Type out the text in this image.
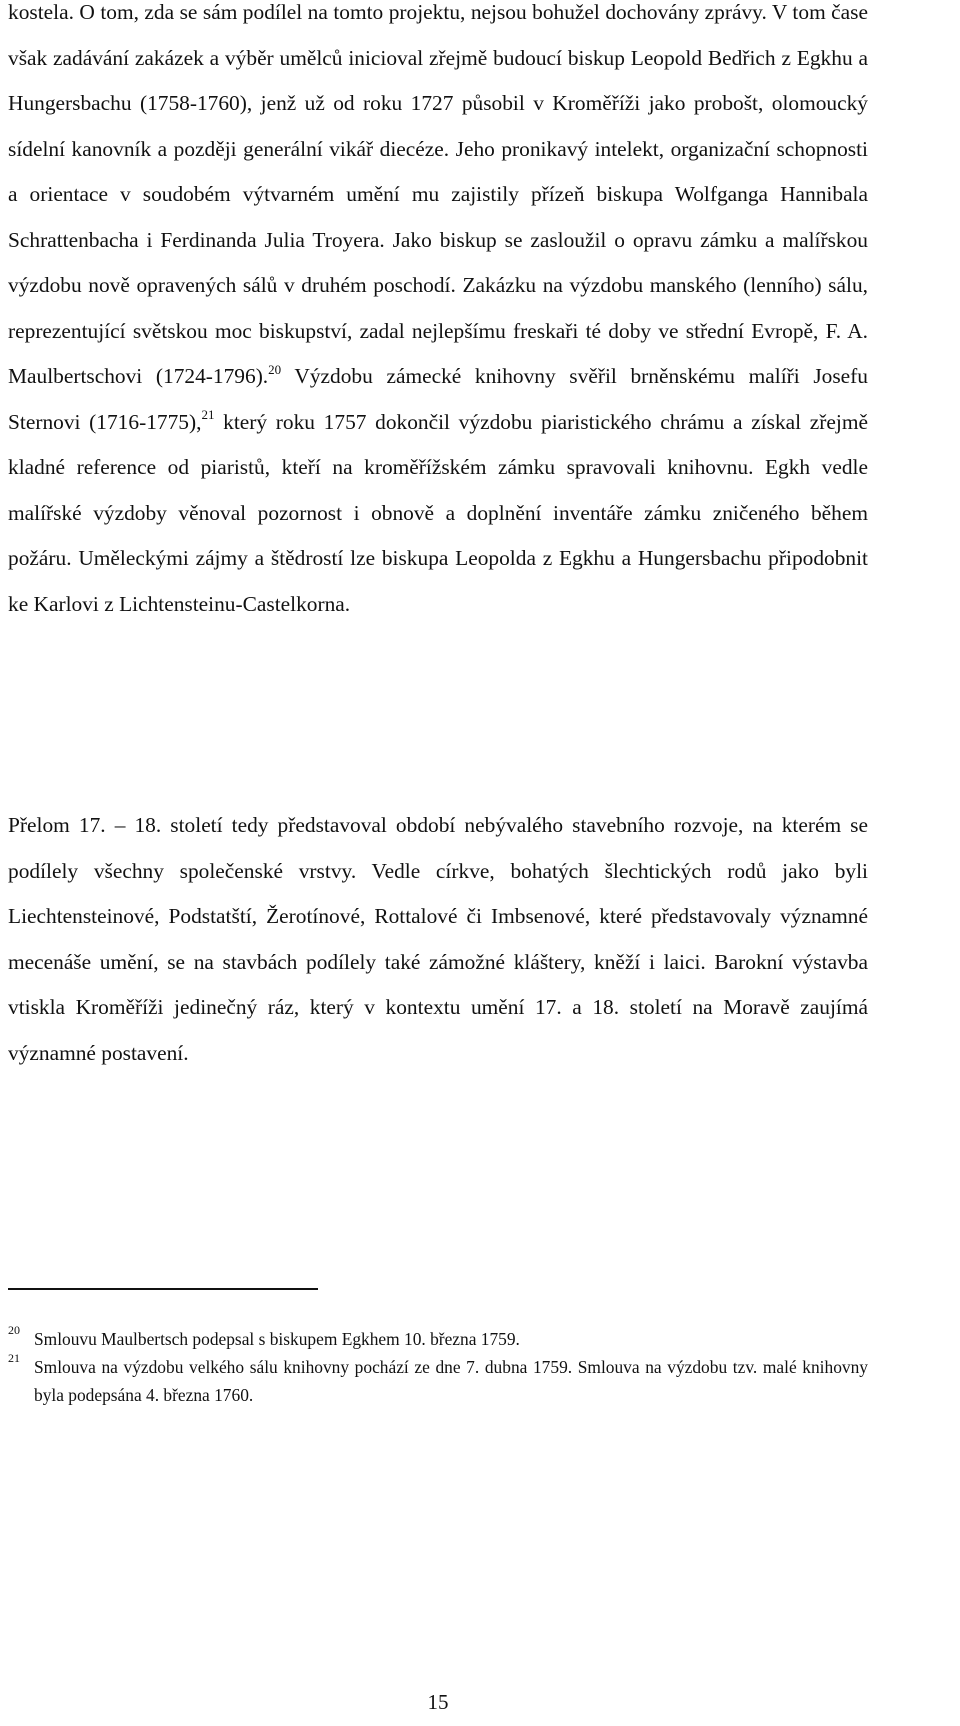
kostela. O tom, zda se sám podílel na tomto projektu, nejsou bohužel dochovány zprávy. V tom čase však zadávání zakázek a výběr umělců inicioval zřejmě budoucí biskup Leopold Bedřich z Egkhu a Hungersbachu (1758-1760), jenž už od roku 1727 působil v Kroměříži jako probošt, olomoucký sídelní kanovník a později generální vikář diecéze. Jeho pronikavý intelekt, organizační schopnosti a orientace v soudobém výtvarném umění mu zajistily přízeň biskupa Wolfganga Hannibala Schrattenbacha i Ferdinanda Julia Troyera. Jako biskup se zasloužil o opravu zámku a malířskou výzdobu nově opravených sálů v druhém poschodí. Zakázku na výzdobu manského (lenního) sálu, reprezentující světskou moc biskupství, zadal nejlepšímu freskaři té doby ve střední Evropě, F. A. Maulbertschovi (1724-1796).$^{20}$ Výzdobu zámecké knihovny svěřil brněnskému malíři Josefu Sternovi (1716-1775),$^{21}$ který roku 1757 dokončil výzdobu piaristického chrámu a získal zřejmě kladné reference od piaristů, kteří na kroměřížském zámku spravovali knihovnu. Egkh vedle malířské výzdoby věnoval pozornost i obnově a doplnění inventáře zámku zničeného během požáru. Uměleckými zájmy a štědrostí lze biskupa Leopolda z Egkhu a Hungersbachu připodobnit ke Karlovi z Lichtensteinu-Castelkorna.

Přelom 17. – 18. století tedy představoval období nebývalého stavebního rozvoje, na kterém se podílely všechny společenské vrstvy. Vedle církve, bohatých šlechtických rodů jako byli Liechtensteinové, Podstatští, Žerotínové, Rottalové či Imbsenové, které představovaly významné mecenáše umění, se na stavbách podílely také zámožné kláštery, kněží i laici. Barokní výstavba vtiskla Kroměříži jedinečný ráz, který v kontextu umění 17. a 18. století na Moravě zaujímá významné postavení.

20 Smlouvu Maulbertsch podepsal s biskupem Egkhem 10. března 1759.
21 Smlouva na výzdobu velkého sálu knihovny pochází ze dne 7. dubna 1759. Smlouva na výzdobu tzv. malé knihovny byla podepsána 4. března 1760.
15
